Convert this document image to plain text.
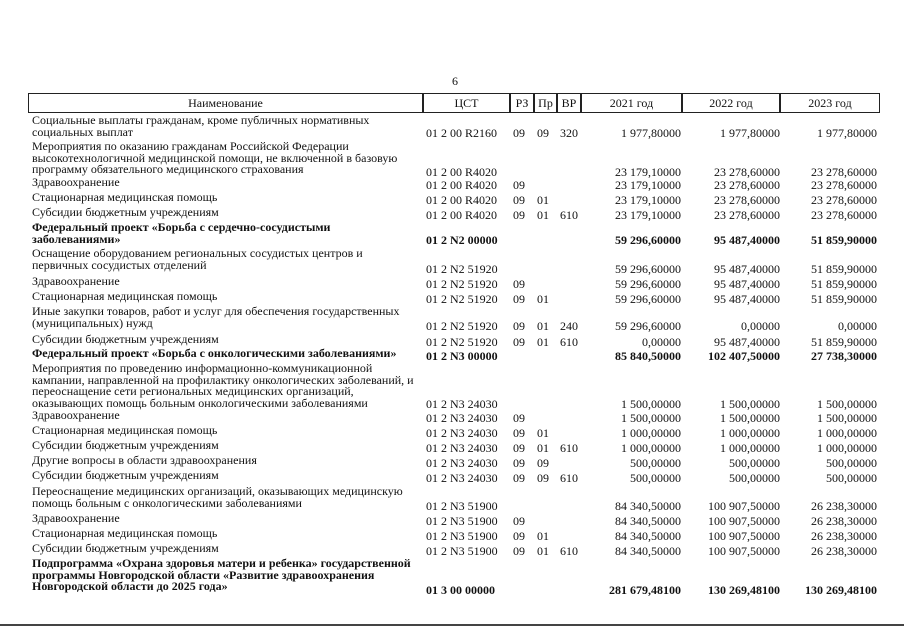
6
Наименование	ЦСТ	РЗ Пр ВР	2021 год	2022 год	2023 год
Социальные выплаты гражданам, кроме публичных нормативных социальных выплат	01 2 00 R2160 09 09 320	1 977,80000	1 977,80000	1 977,80000
Мероприятия по оказанию гражданам Российской Федерации высокотехнологичной медицинской помощи, не включенной в базовую программу обязательного медицинского страхования	01 2 00 R4020	23 179,10000	23 278,60000	23 278,60000
Здравоохранение	01 2 00 R4020 09	23 179,10000	23 278,60000	23 278,60000
Стационарная медицинская помощь	01 2 00 R4020 09 01	23 179,10000	23 278,60000	23 278,60000
Субсидии бюджетным учреждениям	01 2 00 R4020 09 01 610	23 179,10000	23 278,60000	23 278,60000
Федеральный проект «Борьба с сердечно-сосудистыми заболеваниями»	01 2 N2 00000	59 296,60000	95 487,40000	51 859,90000
Оснащение оборудованием региональных сосудистых центров и первичных сосудистых отделений	01 2 N2 51920	59 296,60000	95 487,40000	51 859,90000
Здравоохранение	01 2 N2 51920 09	59 296,60000	95 487,40000	51 859,90000
Стационарная медицинская помощь	01 2 N2 51920 09 01	59 296,60000	95 487,40000	51 859,90000
Иные закупки товаров, работ и услуг для обеспечения государственных (муниципальных) нужд	01 2 N2 51920 09 01 240	59 296,60000	0,00000	0,00000
Субсидии бюджетным учреждениям	01 2 N2 51920 09 01 610	0,00000	95 487,40000	51 859,90000
Федеральный проект «Борьба с онкологическими заболеваниями»	01 2 N3 00000	85 840,50000	102 407,50000	27 738,30000
Мероприятия по проведению информационно-коммуникационной кампании, направленной на профилактику онкологических заболеваний, и переоснащение сети региональных медицинских организаций, оказывающих помощь больным онкологическими заболеваниями	01 2 N3 24030	1 500,00000	1 500,00000	1 500,00000
Здравоохранение	01 2 N3 24030 09	1 500,00000	1 500,00000	1 500,00000
Стационарная медицинская помощь	01 2 N3 24030 09 01	1 000,00000	1 000,00000	1 000,00000
Субсидии бюджетным учреждениям	01 2 N3 24030 09 01 610	1 000,00000	1 000,00000	1 000,00000
Другие вопросы в области здравоохранения	01 2 N3 24030 09 09	500,00000	500,00000	500,00000
Субсидии бюджетным учреждениям	01 2 N3 24030 09 09 610	500,00000	500,00000	500,00000
Переоснащение медицинских организаций, оказывающих медицинскую помощь больным с онкологическими заболеваниями	01 2 N3 51900	84 340,50000	100 907,50000	26 238,30000
Здравоохранение	01 2 N3 51900 09	84 340,50000	100 907,50000	26 238,30000
Стационарная медицинская помощь	01 2 N3 51900 09 01	84 340,50000	100 907,50000	26 238,30000
Субсидии бюджетным учреждениям	01 2 N3 51900 09 01 610	84 340,50000	100 907,50000	26 238,30000
Подпрограмма «Охрана здоровья матери и ребенка» государственной программы Новгородской области «Развитие здравоохранения Новгородской области до 2025 года»	01 3 00 00000	281 679,48100	130 269,48100	130 269,48100
